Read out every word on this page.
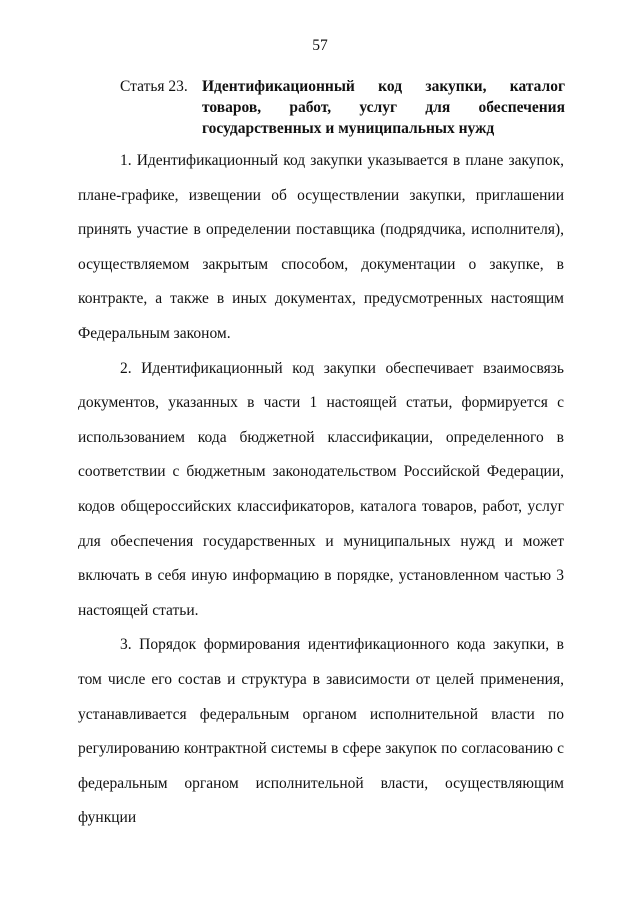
57
Статья 23. Идентификационный код закупки, каталог товаров, работ, услуг для обеспечения государственных и муниципальных нужд

1. Идентификационный код закупки указывается в плане закупок, плане-графике, извещении об осуществлении закупки, приглашении принять участие в определении поставщика (подрядчика, исполнителя), осуществляемом закрытым способом, документации о закупке, в контракте, а также в иных документах, предусмотренных настоящим Федеральным законом.

2. Идентификационный код закупки обеспечивает взаимосвязь документов, указанных в части 1 настоящей статьи, формируется с использованием кода бюджетной классификации, определенного в соответствии с бюджетным законодательством Российской Федерации, кодов общероссийских классификаторов, каталога товаров, работ, услуг для обеспечения государственных и муниципальных нужд и может включать в себя иную информацию в порядке, установленном частью 3 настоящей статьи.

3. Порядок формирования идентификационного кода закупки, в том числе его состав и структура в зависимости от целей применения, устанавливается федеральным органом исполнительной власти по регулированию контрактной системы в сфере закупок по согласованию с федеральным органом исполнительной власти, осуществляющим функции
